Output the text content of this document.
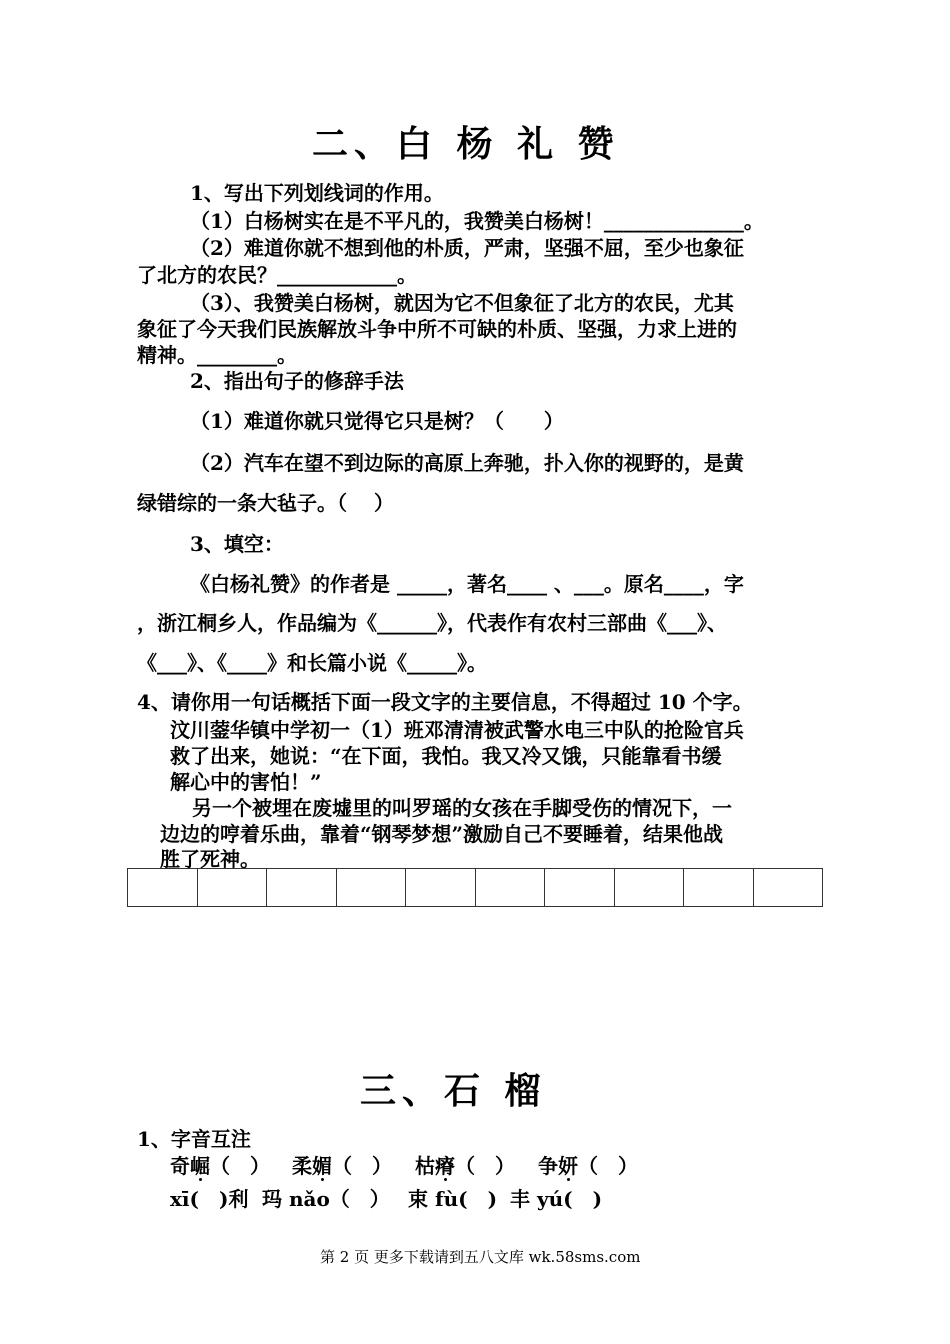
二、白 杨 礼 赞
1、写出下列划线词的作用。
（1）白杨树实在是不平凡的，我赞美白杨树！______________。
（2）难道你就不想到他的朴质，严肃，坚强不屈，至少也象征
了北方的农民？____________。
（3）、我赞美白杨树，就因为它不但象征了北方的农民，尤其
象征了今天我们民族解放斗争中所不可缺的朴质、坚强，力求上进的
精神。________。
2、指出句子的修辞手法
（1）难道你就只觉得它只是树？（　　）
（2）汽车在望不到边际的高原上奔驰，扑入你的视野的，是黄
绿错综的一条大毡子。（　 ）
3、填空：
《白杨礼赞》的作者是 _____，著名____ 、___。原名____，字
，浙江桐乡人，作品编为《______》，代表作有农村三部曲《___》、
《___》、《____》和长篇小说《_____》。
4、请你用一句话概括下面一段文字的主要信息，不得超过 10 个字。
汶川蓥华镇中学初一（1）班邓清清被武警水电三中队的抢险官兵
救了出来，她说：“在下面，我怕。我又冷又饿，只能靠看书缓
解心中的害怕！”
另一个被埋在废墟里的叫罗瑶的女孩在手脚受伤的情况下，一
边边的哼着乐曲，靠着“钢琴梦想”激励自己不要睡着，结果他战
胜了死神。

三、石 榴
1、字音互注
奇崛（　） 柔媚（　） 枯瘠（　） 争妍（　）
xī(　)利 玛 nǎo（　） 束 fù(　) 丰 yú(　)
第 2 页 更多下载请到五八文库 wk.58sms.com
